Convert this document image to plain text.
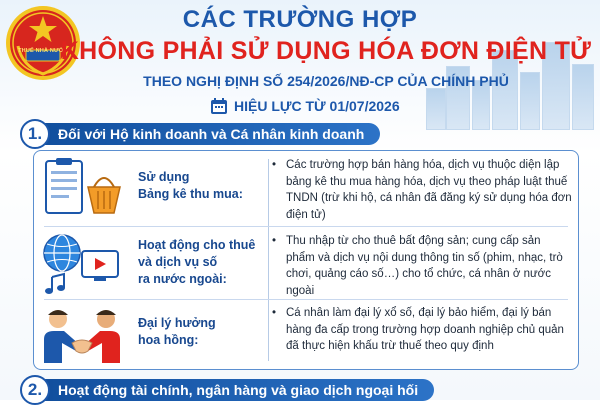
THUẾ NHÀ NƯỚC
CÁC TRƯỜNG HỢP
KHÔNG PHẢI SỬ DỤNG HÓA ĐƠN ĐIỆN TỬ
THEO NGHỊ ĐỊNH SỐ 254/2026/NĐ-CP CỦA CHÍNH PHỦ
HIỆU LỰC TỪ 01/07/2026
1.	Đối với Hộ kinh doanh và Cá nhân kinh doanh
Sử dụng
Bảng kê thu mua:
• Các trường hợp bán hàng hóa, dịch vụ thuộc diện lập bảng kê thu mua hàng hóa, dịch vụ theo pháp luật thuế TNDN (trừ khi hộ, cá nhân đã đăng ký sử dụng hóa đơn điện tử)
Hoạt động cho thuê
và dịch vụ số
ra nước ngoài:
• Thu nhập từ cho thuê bất động sản; cung cấp sản phẩm và dịch vụ nội dung thông tin số (phim, nhạc, trò chơi, quảng cáo số…) cho tổ chức, cá nhân ở nước ngoài
Đại lý hưởng
hoa hồng:
• Cá nhân làm đại lý xổ số, đại lý bảo hiểm, đại lý bán hàng đa cấp trong trường hợp doanh nghiệp chủ quản đã thực hiện khấu trừ thuế theo quy định
2.	Hoạt động tài chính, ngân hàng và giao dịch ngoại hối
